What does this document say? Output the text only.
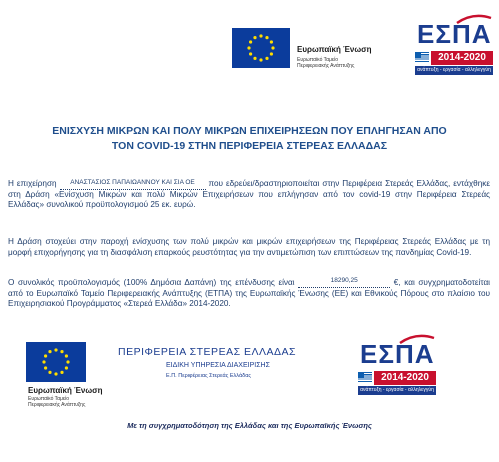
Ευρωπαϊκή Ένωση
Ευρωπαϊκό Ταμείο
Περιφερειακής Ανάπτυξης
ΕΣΠΑ
2014-2020
ανάπτυξη - εργασία - αλληλεγγύη
ΕΝΙΣΧΥΣΗ ΜΙΚΡΩΝ ΚΑΙ ΠΟΛΥ ΜΙΚΡΩΝ ΕΠΙΧΕΙΡΗΣΕΩΝ ΠΟΥ ΕΠΛΗΓΗΣΑΝ ΑΠΟ
ΤΟΝ COVID-19 ΣΤΗΝ ΠΕΡΙΦΕΡΕΙΑ ΣΤΕΡΕΑΣ ΕΛΛΑΔΑΣ
Η επιχείρηση ΑΝΑΣΤΑΣΙΟΣ ΠΑΠΑΙΩΑΝΝΟΥ ΚΑΙ ΣΙΑ ΟΕ που εδρεύει/δραστηριοποιείται στην Περιφέρεια Στερεάς Ελλάδας, εντάχθηκε στη Δράση «Ενίσχυση Μικρών και πολύ Μικρών Επιχειρήσεων που επλήγησαν από τον covid-19 στην Περιφέρεια Στερεάς Ελλάδας» συνολικού προϋπολογισμού 25 εκ. ευρώ.
Η Δράση στοχεύει στην παροχή ενίσχυσης των πολύ μικρών και μικρών επιχειρήσεων της Περιφέρειας Στερεάς Ελλάδας με τη μορφή επιχορήγησης για τη διασφάλιση επαρκούς ρευστότητας για την αντιμετώπιση των επιπτώσεων της πανδημίας Covid-19.
Ο συνολικός προϋπολογισμός (100% Δημόσια Δαπάνη) της επένδυσης είναι	18290,25	€, και συγχρηματοδοτείται από το Ευρωπαϊκό Ταμείο Περιφερειακής Ανάπτυξης (ΕΤΠΑ) της Ευρωπαϊκής Ένωσης (ΕΕ) και Εθνικούς Πόρους στο πλαίσιο του Επιχειρησιακού Προγράμματος «Στερεά Ελλάδα» 2014-2020.
Ευρωπαϊκή Ένωση
Ευρωπαϊκό Ταμείο
Περιφερειακής Ανάπτυξης
ΠΕΡΙΦΕΡΕΙΑ ΣΤΕΡΕΑΣ ΕΛΛΑΔΑΣ
ΕΙΔΙΚΗ ΥΠΗΡΕΣΙΑ ΔΙΑΧΕΙΡΙΣΗΣ
Ε.Π. Περιφέρειας Στερεάς Ελλάδας
ΕΣΠΑ
2014-2020
ανάπτυξη - εργασία - αλληλεγγύη
Με τη συγχρηματοδότηση της Ελλάδας και της Ευρωπαϊκής Ένωσης
